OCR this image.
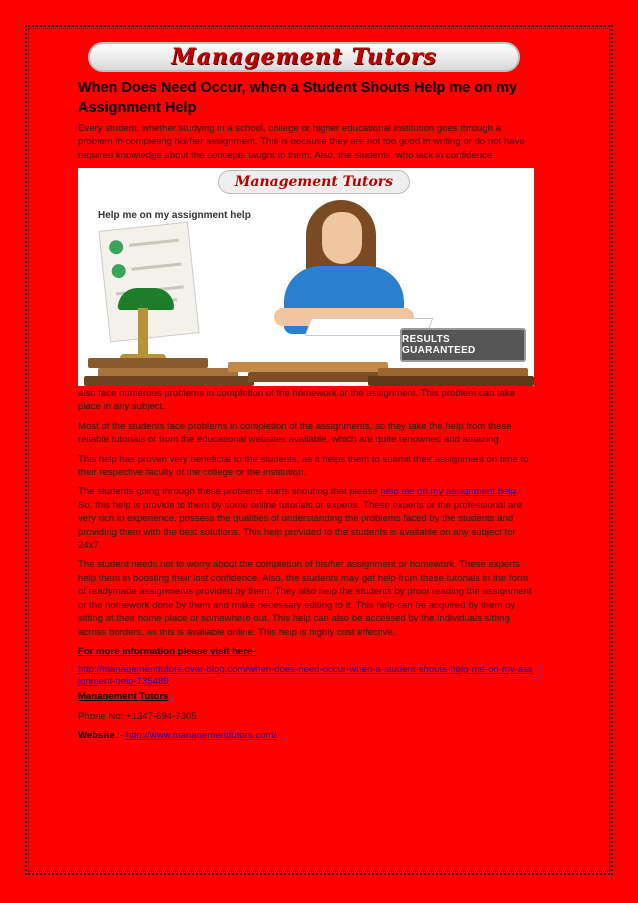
Management Tutors
When Does Need Occur, when a Student Shouts Help me on my Assignment Help

Every student, whether studying in a school, college or higher educational institution goes through a problem in completing his/her assignment. This is because they are not too good in writing or do not have required knowledge about the concepts taught to them. Also, the students, who lack in confidence

Management Tutors
Help me on my assignment help
RESULTS GUARANTEED

also face numerous problems in completion of the homework or the assignment. This problem can take place in any subject.

Most of the students face problems in completion of the assignments, so they take the help from these reliable tutorials or from the educational websites available, which are quite renowned and amazing.

This help has proven very beneficial to the students, as it helps them to submit their assignment on time to their respective faculty of the college or the institution.

The students going through these problems starts shouting that please help me on my assignment help. So, this help is provide to them by some online tutorials or experts. These experts or the professional are very rich in experience, possess the qualities of understanding the problems faced by the students and providing them with the best solutions. This help provided to the students is available on any subject for 24x7.

The student needs not to worry about the completion of his/her assignment or homework. These experts help them in boosting their lost confidence. Also, the students may get help from these tutorials in the form of readymade assignments provided by them. They also help the students by proof reading the assignment or the homework done by them and make necessary editing to it. This help can be acquired by them by sitting at their home place or somewhere out. This help can also be accessed by the individuals sitting across borders, as this is available online. This help is highly cost effective.

For more information please visit here-

http://managementtutors.over-blog.com/when-does-need-occur-when-a-student-shouts-help-me-on-my-assignment-help-135489

Management Tutors

Phone No: +1347-694-7305

Website :- http://www.managementtutors.com/
